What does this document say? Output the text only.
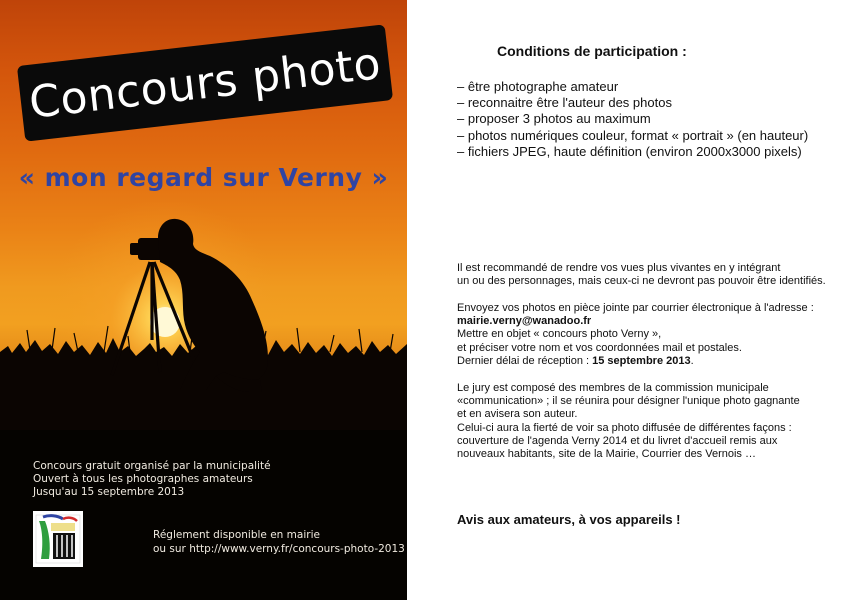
Concours photo
« mon regard sur Verny »
Concours gratuit organisé par la municipalité
Ouvert à tous les photographes amateurs
Jusqu'au 15 septembre 2013
Réglement disponible en mairie
ou sur http://www.verny.fr/concours-photo-2013
Conditions de participation :
– être photographe amateur
– reconnaitre être l'auteur des photos
– proposer 3 photos au maximum
– photos numériques couleur, format « portrait » (en hauteur)
– fichiers JPEG, haute définition (environ 2000x3000 pixels)
Il est recommandé de rendre vos vues plus vivantes en y intégrant
un ou des personnages, mais ceux-ci ne devront pas pouvoir être identifiés.
Envoyez vos photos en pièce jointe par courrier électronique à l'adresse :
mairie.verny@wanadoo.fr
Mettre en objet « concours photo Verny »,
et préciser votre nom et vos coordonnées mail et postales.
Dernier délai de réception : 15 septembre 2013.
Le jury est composé des membres de la commission municipale
«communication» ; il se réunira pour désigner l'unique photo gagnante
et en avisera son auteur.
Celui-ci aura la fierté de voir sa photo diffusée de différentes façons :
couverture de l'agenda Verny 2014 et du livret d'accueil remis aux
nouveaux habitants, site de la Mairie, Courrier des Vernois …
Avis aux amateurs, à vos appareils !
